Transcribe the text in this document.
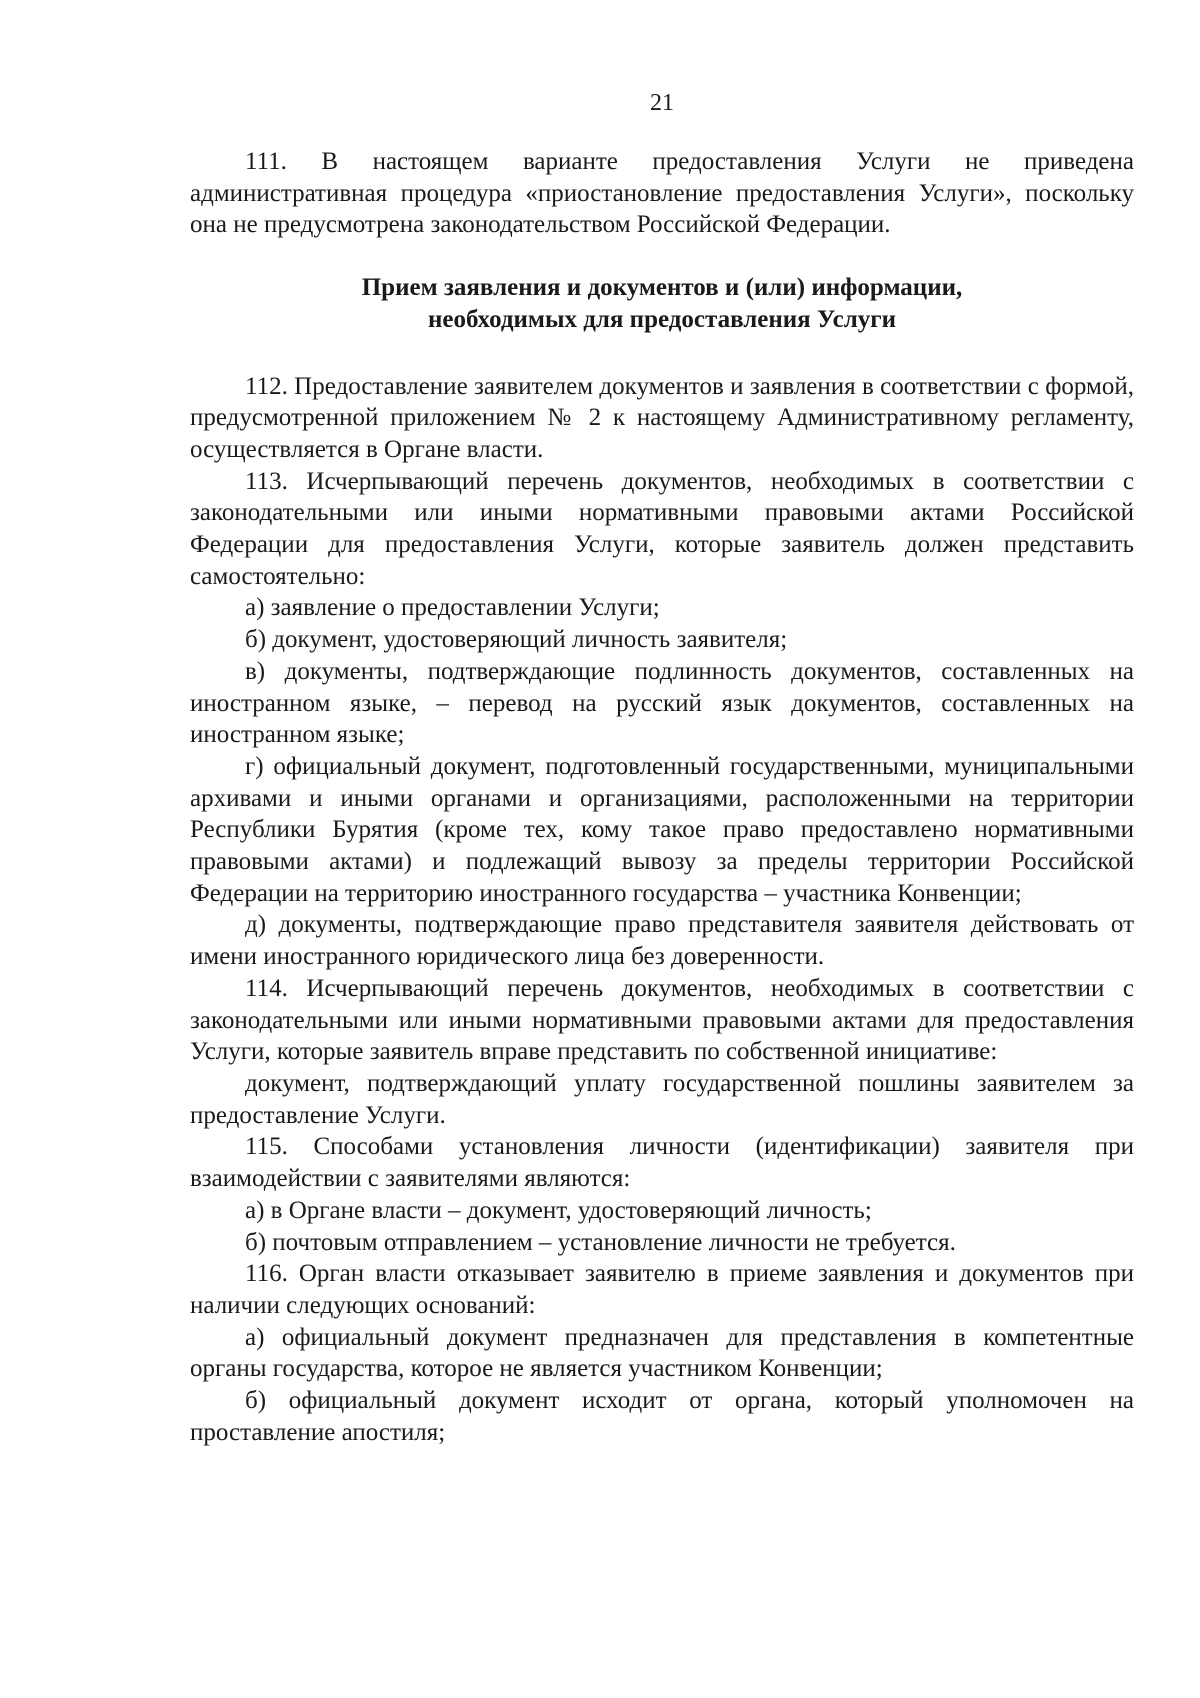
21

111. В настоящем варианте предоставления Услуги не приведена административная процедура «приостановление предоставления Услуги», поскольку она не предусмотрена законодательством Российской Федерации.

Прием заявления и документов и (или) информации,
необходимых для предоставления Услуги

112. Предоставление заявителем документов и заявления в соответствии с формой, предусмотренной приложением № 2 к настоящему Административному регламенту, осуществляется в Органе власти.

113. Исчерпывающий перечень документов, необходимых в соответствии с законодательными или иными нормативными правовыми актами Российской Федерации для предоставления Услуги, которые заявитель должен представить самостоятельно:

а) заявление о предоставлении Услуги;

б) документ, удостоверяющий личность заявителя;

в) документы, подтверждающие подлинность документов, составленных на иностранном языке, – перевод на русский язык документов, составленных на иностранном языке;

г) официальный документ, подготовленный государственными, муниципальными архивами и иными органами и организациями, расположенными на территории Республики Бурятия (кроме тех, кому такое право предоставлено нормативными правовыми актами) и подлежащий вывозу за пределы территории Российской Федерации на территорию иностранного государства – участника Конвенции;

д) документы, подтверждающие право представителя заявителя действовать от имени иностранного юридического лица без доверенности.

114. Исчерпывающий перечень документов, необходимых в соответствии с законодательными или иными нормативными правовыми актами для предоставления Услуги, которые заявитель вправе представить по собственной инициативе:

документ, подтверждающий уплату государственной пошлины заявителем за предоставление Услуги.

115. Способами установления личности (идентификации) заявителя при взаимодействии с заявителями являются:

а) в Органе власти – документ, удостоверяющий личность;

б) почтовым отправлением – установление личности не требуется.

116. Орган власти отказывает заявителю в приеме заявления и документов при наличии следующих оснований:

а) официальный документ предназначен для представления в компетентные органы государства, которое не является участником Конвенции;

б) официальный документ исходит от органа, который уполномочен на проставление апостиля;
